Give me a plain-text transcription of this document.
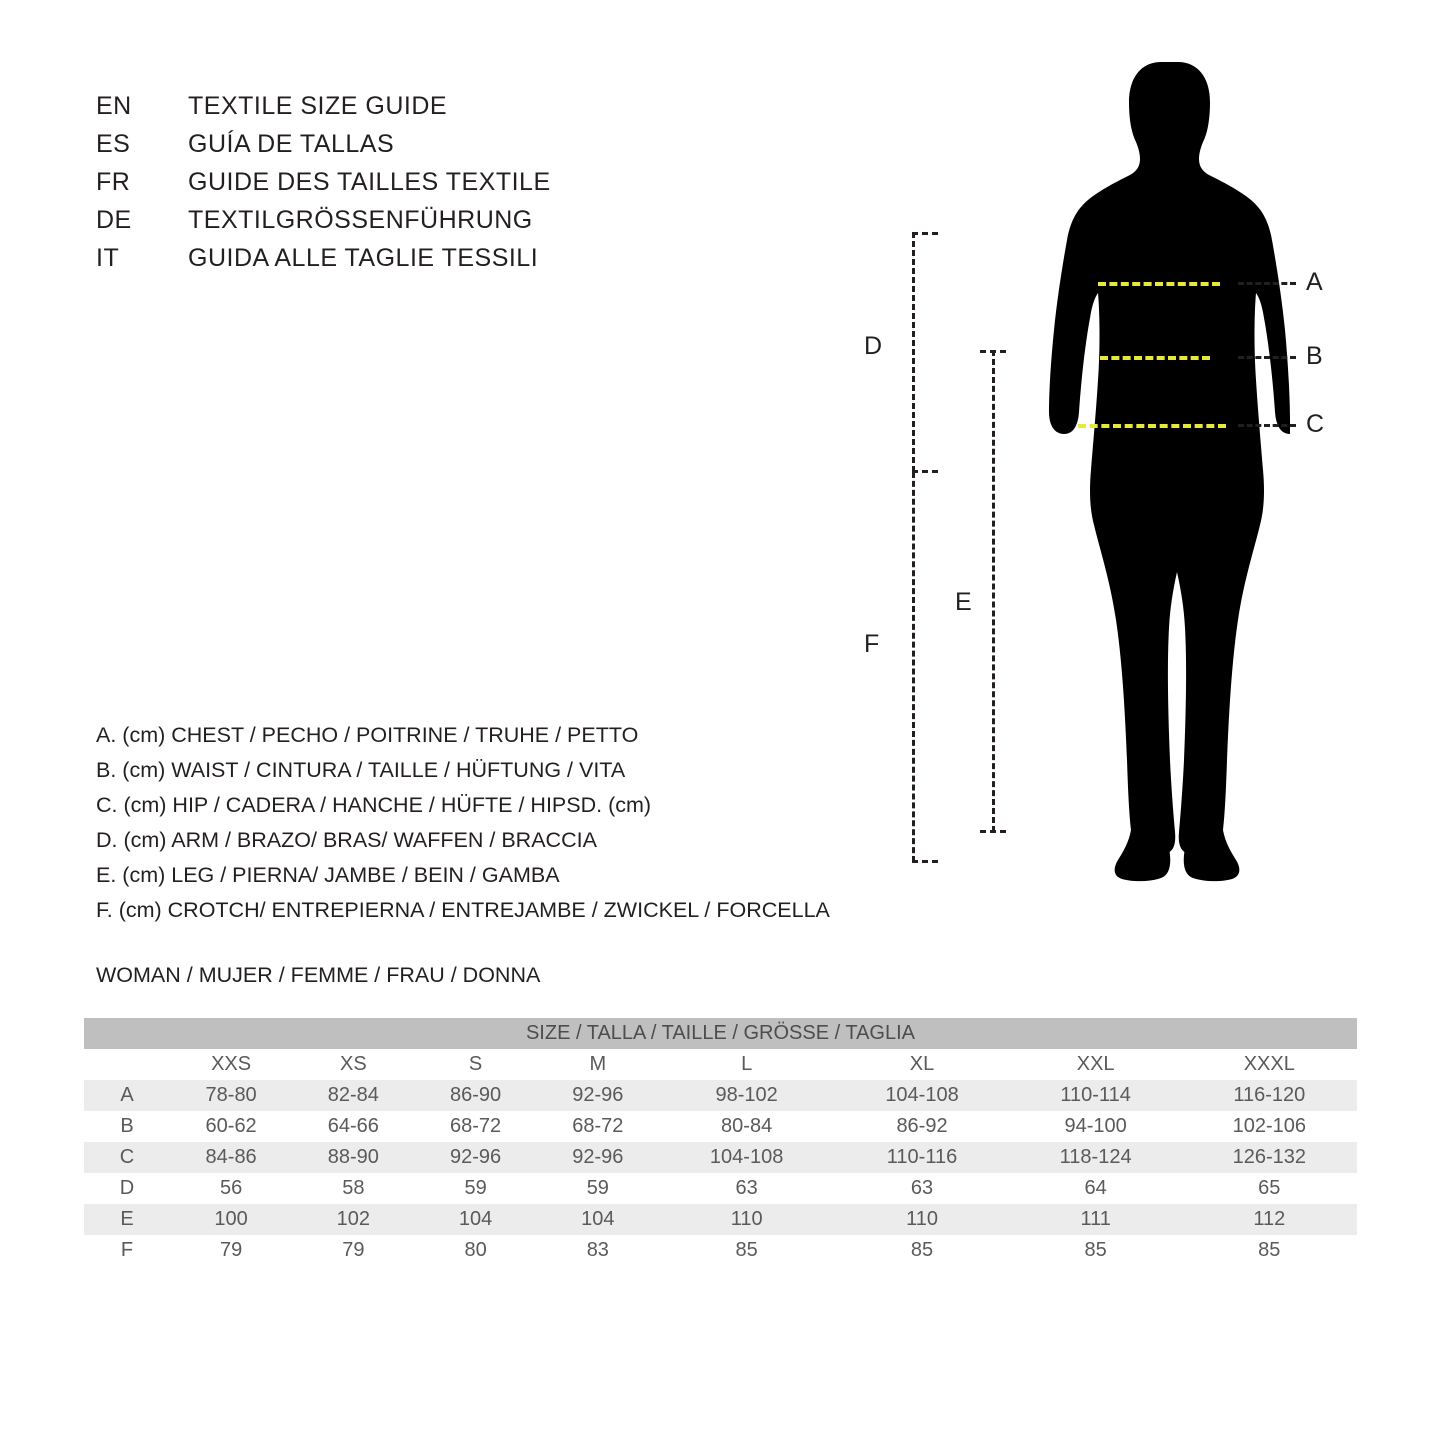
EN	TEXTILE SIZE GUIDE
ES	GUÍA DE TALLAS
FR	GUIDE DES TAILLES TEXTILE
DE	TEXTILGRÖSSENFÜHRUNG
IT	GUIDA ALLE TAGLIE TESSILI
A
B
C
D
F
E
A. (cm) CHEST / PECHO / POITRINE / TRUHE / PETTO
B. (cm) WAIST / CINTURA / TAILLE / HÜFTUNG / VITA
C. (cm) HIP / CADERA / HANCHE / HÜFTE / HIPSD. (cm)
D. (cm) ARM / BRAZO/ BRAS/ WAFFEN / BRACCIA
E. (cm) LEG / PIERNA/ JAMBE / BEIN / GAMBA
F. (cm) CROTCH/ ENTREPIERNA / ENTREJAMBE / ZWICKEL / FORCELLA
WOMAN / MUJER / FEMME / FRAU / DONNA
SIZE / TALLA / TAILLE / GRÖSSE / TAGLIA								
	XXS	XS	S	M	L	XL	XXL	XXXL
A	78-80	82-84	86-90	92-96	98-102	104-108	110-114	116-120
B	60-62	64-66	68-72	68-72	80-84	86-92	94-100	102-106
C	84-86	88-90	92-96	92-96	104-108	110-116	118-124	126-132
D	56	58	59	59	63	63	64	65
E	100	102	104	104	110	110	111	112
F	79	79	80	83	85	85	85	85
